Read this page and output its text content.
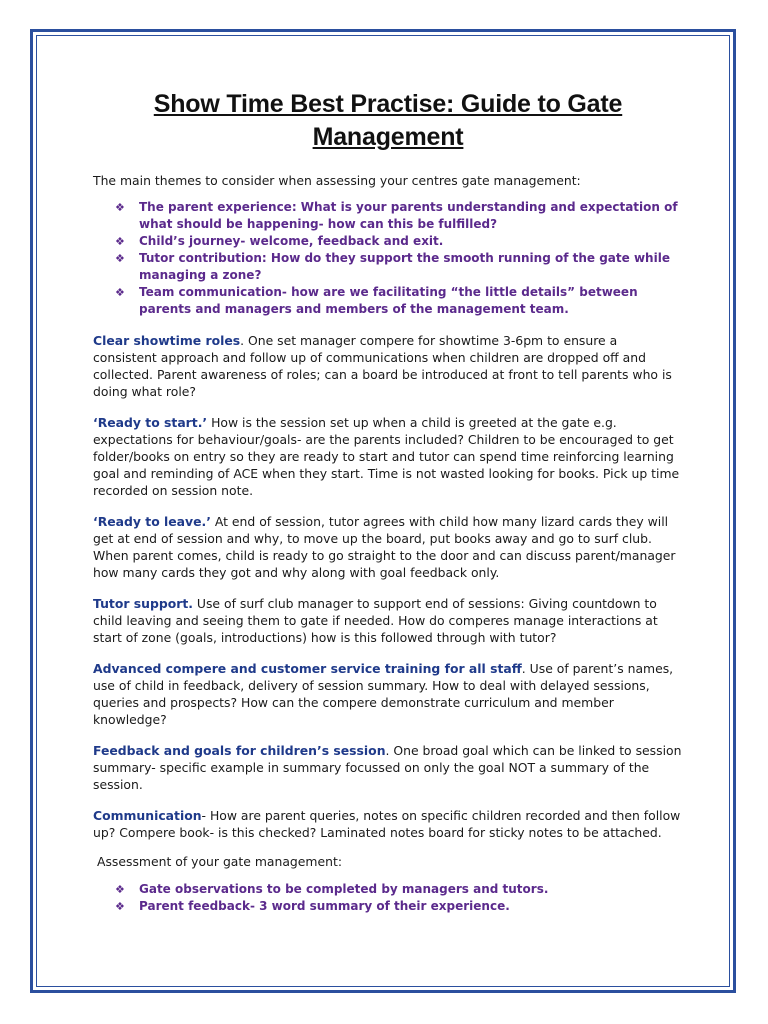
Show Time Best Practise: Guide to Gate Management

The main themes to consider when assessing your centres gate management:

❖ The parent experience: What is your parents understanding and expectation of what should be happening- how can this be fulfilled?
❖ Child’s journey- welcome, feedback and exit.
❖ Tutor contribution: How do they support the smooth running of the gate while managing a zone?
❖ Team communication- how are we facilitating “the little details” between parents and managers and members of the management team.

Clear showtime roles. One set manager compere for showtime 3-6pm to ensure a consistent approach and follow up of communications when children are dropped off and collected. Parent awareness of roles; can a board be introduced at front to tell parents who is doing what role?

‘Ready to start.’ How is the session set up when a child is greeted at the gate e.g. expectations for behaviour/goals- are the parents included? Children to be encouraged to get folder/books on entry so they are ready to start and tutor can spend time reinforcing learning goal and reminding of ACE when they start. Time is not wasted looking for books. Pick up time recorded on session note.

‘Ready to leave.’ At end of session, tutor agrees with child how many lizard cards they will get at end of session and why, to move up the board, put books away and go to surf club. When parent comes, child is ready to go straight to the door and can discuss parent/manager how many cards they got and why along with goal feedback only.

Tutor support. Use of surf club manager to support end of sessions: Giving countdown to child leaving and seeing them to gate if needed. How do comperes manage interactions at start of zone (goals, introductions) how is this followed through with tutor?

Advanced compere and customer service training for all staff. Use of parent’s names, use of child in feedback, delivery of session summary. How to deal with delayed sessions, queries and prospects? How can the compere demonstrate curriculum and member knowledge?

Feedback and goals for children’s session. One broad goal which can be linked to session summary- specific example in summary focussed on only the goal NOT a summary of the session.

Communication- How are parent queries, notes on specific children recorded and then follow up? Compere book- is this checked? Laminated notes board for sticky notes to be attached.

Assessment of your gate management:

❖ Gate observations to be completed by managers and tutors.
❖ Parent feedback- 3 word summary of their experience.
